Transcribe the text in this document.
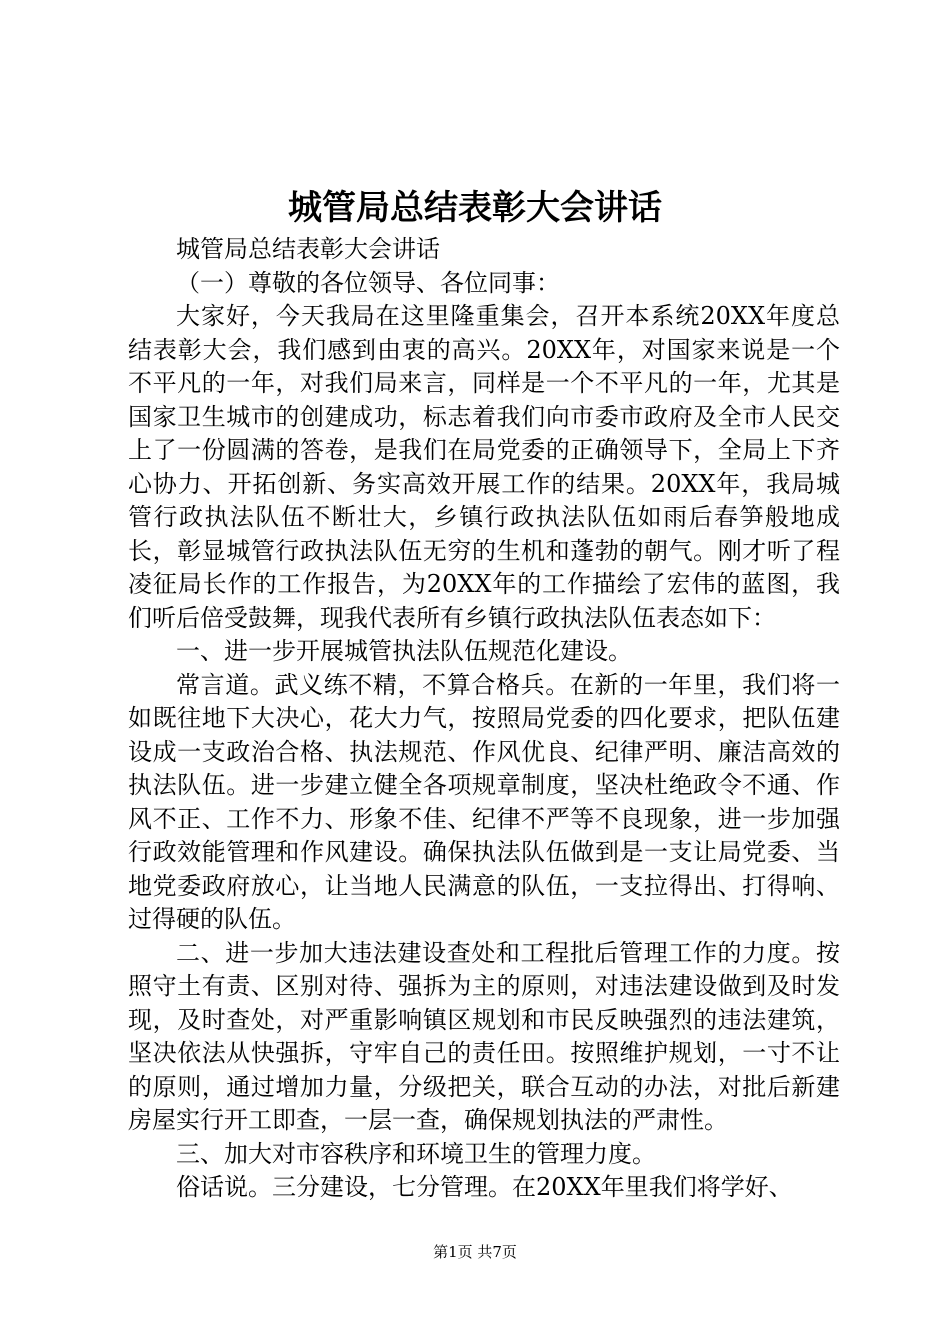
城管局总结表彰大会讲话

城管局总结表彰大会讲话

（一）尊敬的各位领导、各位同事：

大家好，今天我局在这里隆重集会，召开本系统20XX年度总结表彰大会，我们感到由衷的高兴。20XX年，对国家来说是一个不平凡的一年，对我们局来言，同样是一个不平凡的一年，尤其是国家卫生城市的创建成功，标志着我们向市委市政府及全市人民交上了一份圆满的答卷，是我们在局党委的正确领导下，全局上下齐心协力、开拓创新、务实高效开展工作的结果。20XX年，我局城管行政执法队伍不断壮大，乡镇行政执法队伍如雨后春笋般地成长，彰显城管行政执法队伍无穷的生机和蓬勃的朝气。刚才听了程凌征局长作的工作报告，为20XX年的工作描绘了宏伟的蓝图，我们听后倍受鼓舞，现我代表所有乡镇行政执法队伍表态如下：

一、进一步开展城管执法队伍规范化建设。

常言道。武义练不精，不算合格兵。在新的一年里，我们将一如既往地下大决心，花大力气，按照局党委的四化要求，把队伍建设成一支政治合格、执法规范、作风优良、纪律严明、廉洁高效的执法队伍。进一步建立健全各项规章制度，坚决杜绝政令不通、作风不正、工作不力、形象不佳、纪律不严等不良现象，进一步加强行政效能管理和作风建设。确保执法队伍做到是一支让局党委、当地党委政府放心，让当地人民满意的队伍，一支拉得出、打得响、过得硬的队伍。

二、进一步加大违法建设查处和工程批后管理工作的力度。按照守土有责、区别对待、强拆为主的原则，对违法建设做到及时发现，及时查处，对严重影响镇区规划和市民反映强烈的违法建筑，坚决依法从快强拆，守牢自己的责任田。按照维护规划，一寸不让的原则，通过增加力量，分级把关，联合互动的办法，对批后新建房屋实行开工即查，一层一查，确保规划执法的严肃性。

三、加大对市容秩序和环境卫生的管理力度。

俗话说。三分建设，七分管理。在20XX年里我们将学好、

第1页 共7页
